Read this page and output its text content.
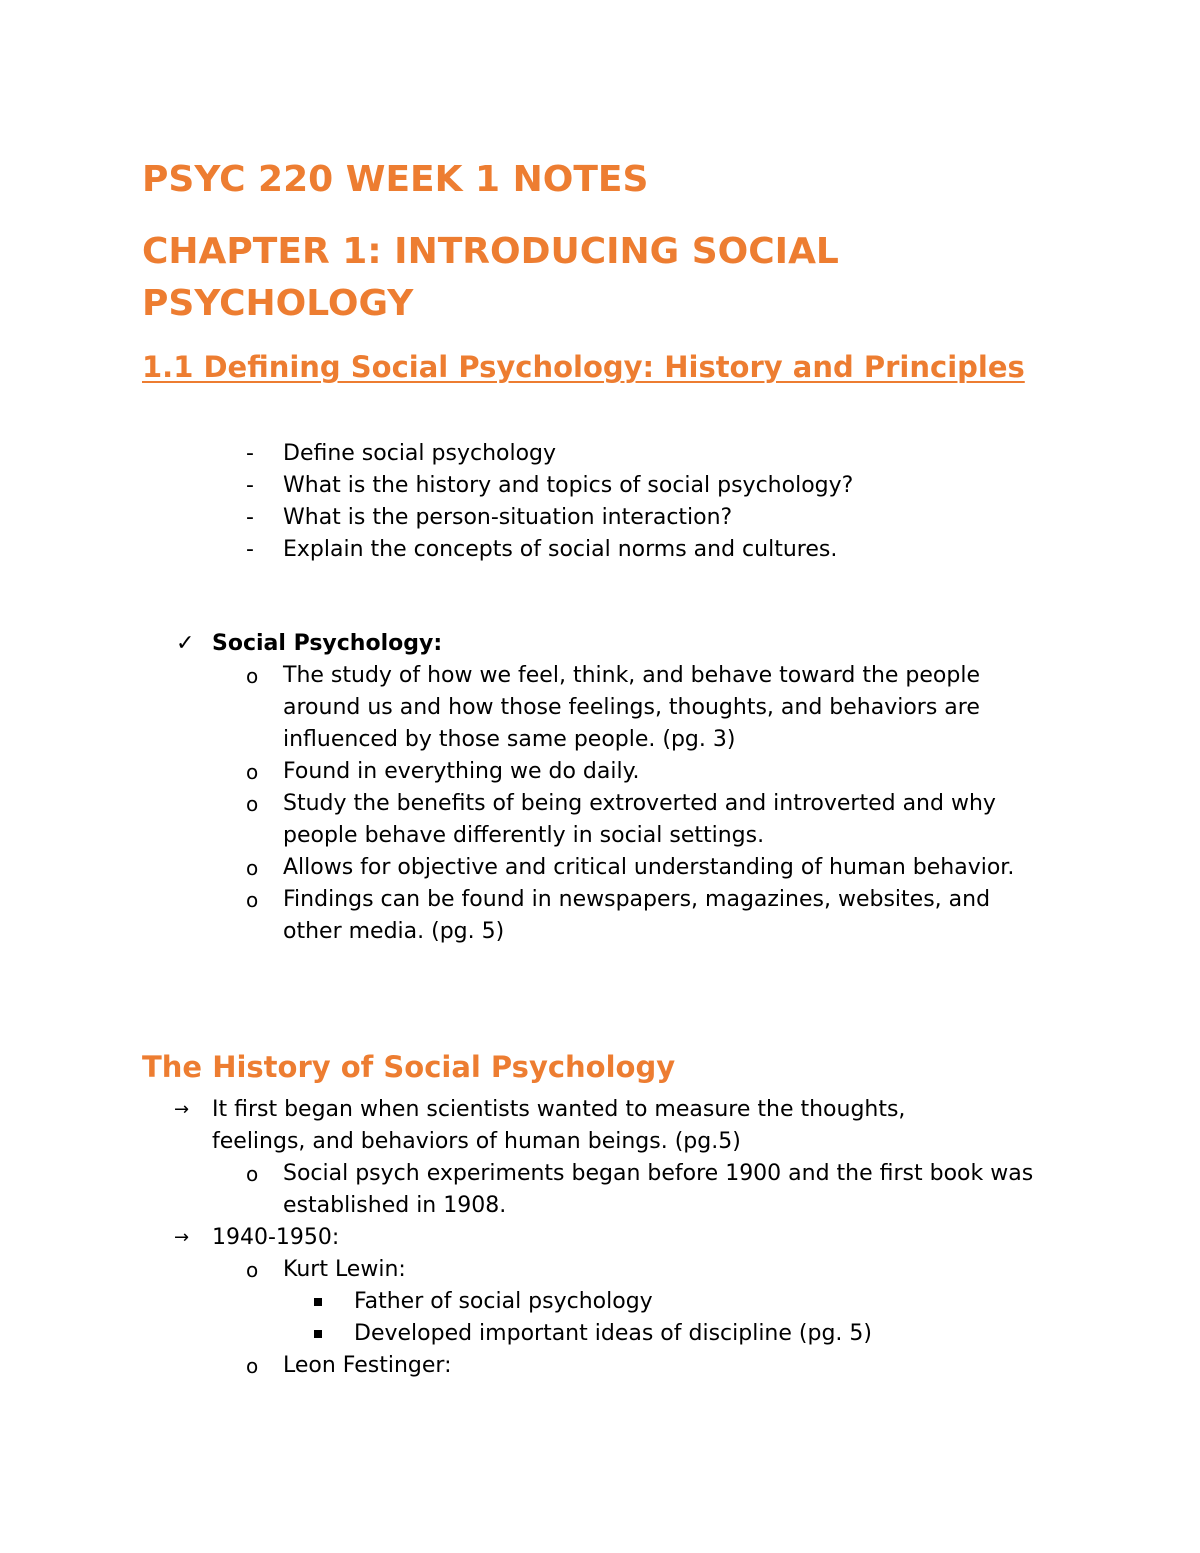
PSYC 220 WEEK 1 NOTES
CHAPTER 1: INTRODUCING SOCIAL PSYCHOLOGY
1.1 Defining Social Psychology: History and Principles
- Define social psychology
- What is the history and topics of social psychology?
- What is the person-situation interaction?
- Explain the concepts of social norms and cultures.
✓ Social Psychology:
o The study of how we feel, think, and behave toward the people around us and how those feelings, thoughts, and behaviors are influenced by those same people. (pg. 3)
o Found in everything we do daily.
o Study the benefits of being extroverted and introverted and why people behave differently in social settings.
o Allows for objective and critical understanding of human behavior.
o Findings can be found in newspapers, magazines, websites, and other media. (pg. 5)
The History of Social Psychology
→ It first began when scientists wanted to measure the thoughts, feelings, and behaviors of human beings. (pg.5)
o Social psych experiments began before 1900 and the first book was established in 1908.
→ 1940-1950:
o Kurt Lewin:
Father of social psychology
Developed important ideas of discipline (pg. 5)
o Leon Festinger:
